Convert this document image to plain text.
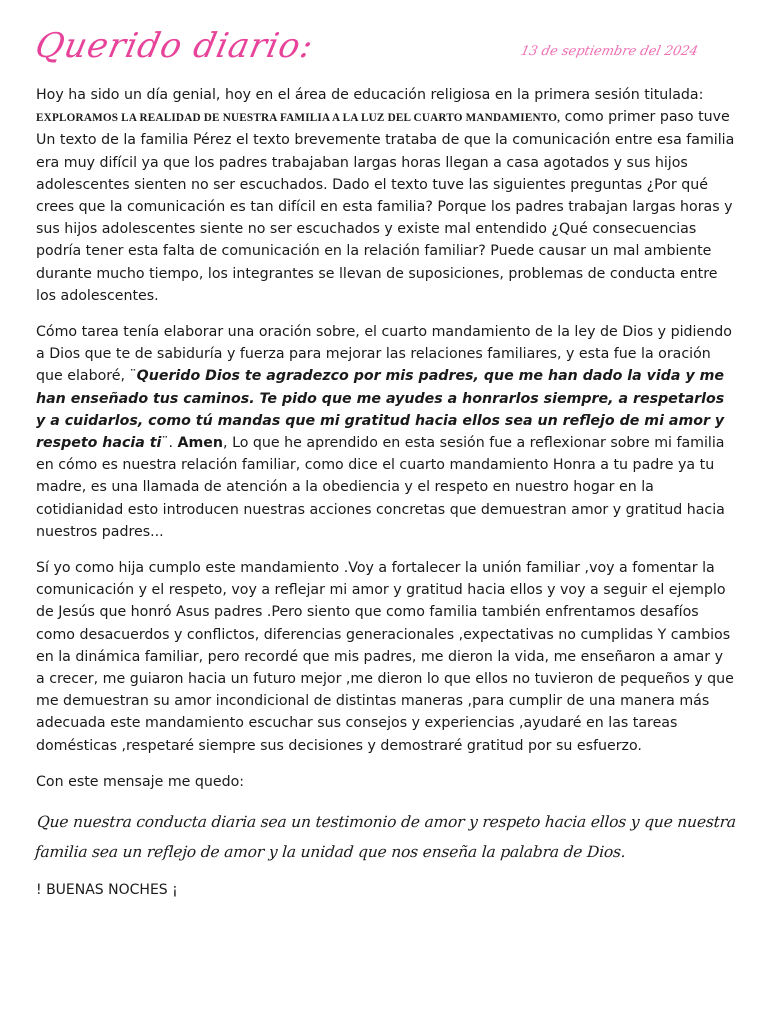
Querido diario:	13 de septiembre del 2024

Hoy ha sido un día genial, hoy en el área de educación religiosa en la primera sesión titulada: EXPLORAMOS LA REALIDAD DE NUESTRA FAMILIA A LA LUZ DEL CUARTO MANDAMIENTO, como primer paso tuve Un texto de la familia Pérez el texto brevemente trataba de que la comunicación entre esa familia era muy difícil ya que los padres trabajaban largas horas llegan a casa agotados y sus hijos adolescentes sienten no ser escuchados. Dado el texto tuve las siguientes preguntas ¿Por qué crees que la comunicación es tan difícil en esta familia? Porque los padres trabajan largas horas y sus hijos adolescentes siente no ser escuchados y existe mal entendido ¿Qué consecuencias podría tener esta falta de comunicación en la relación familiar? Puede causar un mal ambiente durante mucho tiempo, los integrantes se llevan de suposiciones, problemas de conducta entre los adolescentes.

Cómo tarea tenía elaborar una oración sobre, el cuarto mandamiento de la ley de Dios y pidiendo a Dios que te de sabiduría y fuerza para mejorar las relaciones familiares, y esta fue la oración que elaboré, ¨Querido Dios te agradezco por mis padres, que me han dado la vida y me han enseñado tus caminos. Te pido que me ayudes a honrarlos siempre, a respetarlos y a cuidarlos, como tú mandas que mi gratitud hacia ellos sea un reflejo de mi amor y respeto hacia ti¨. Amen, Lo que he aprendido en esta sesión fue a reflexionar sobre mi familia en cómo es nuestra relación familiar, como dice el cuarto mandamiento Honra a tu padre ya tu madre, es una llamada de atención a la obediencia y el respeto en nuestro hogar en la cotidianidad esto introducen nuestras acciones concretas que demuestran amor y gratitud hacia nuestros padres...

Sí yo como hija cumplo este mandamiento .Voy a fortalecer la unión familiar ,voy a fomentar la comunicación y el respeto, voy a reflejar mi amor y gratitud hacia ellos y voy a seguir el ejemplo de Jesús que honró Asus padres .Pero siento que como familia también enfrentamos desafíos como desacuerdos y conflictos, diferencias generacionales ,expectativas no cumplidas Y cambios en la dinámica familiar, pero recordé que mis padres, me dieron la vida, me enseñaron a amar y a crecer, me guiaron hacia un futuro mejor ,me dieron lo que ellos no tuvieron de pequeños y que me demuestran su amor incondicional de distintas maneras ,para cumplir de una manera más adecuada este mandamiento escuchar sus consejos y experiencias ,ayudaré en las tareas domésticas ,respetaré siempre sus decisiones y demostraré gratitud por su esfuerzo.

Con este mensaje me quedo:

Que nuestra conducta diaria sea un testimonio de amor y respeto hacia ellos y que nuestra familia sea un reflejo de amor y la unidad que nos enseña la palabra de Dios.

! BUENAS NOCHES ¡
